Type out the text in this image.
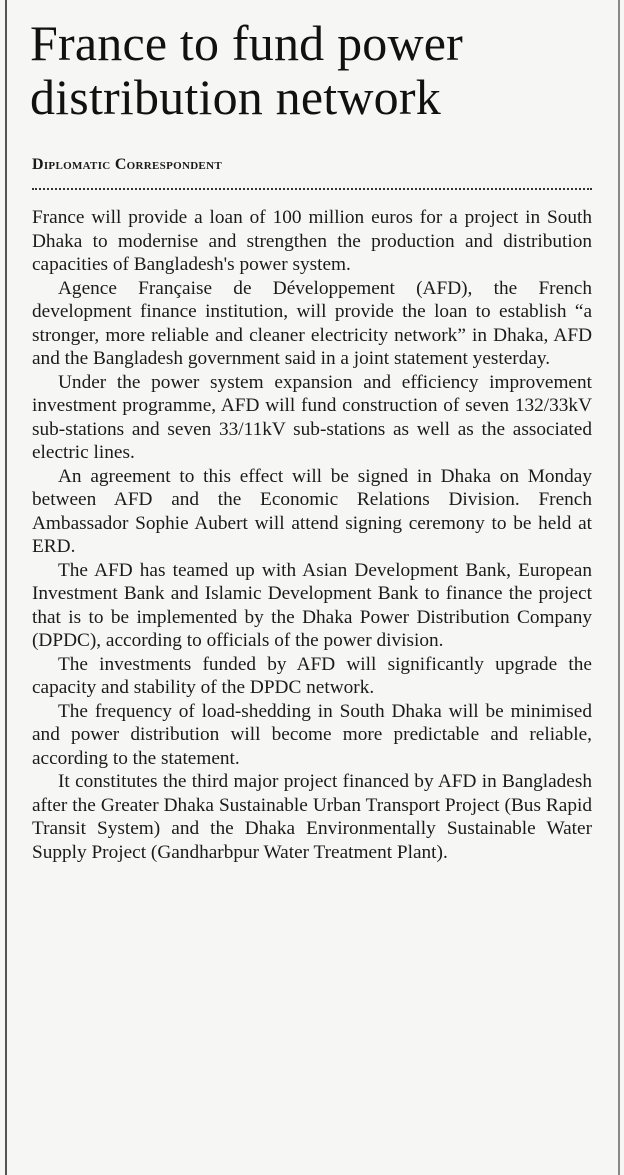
France to fund power distribution network
Diplomatic Correspondent

France will provide a loan of 100 million euros for a project in South Dhaka to modernise and strengthen the production and distribution capacities of Bangladesh's power system.

Agence Française de Développement (AFD), the French development finance institution, will provide the loan to establish “a stronger, more reliable and cleaner electricity network” in Dhaka, AFD and the Bangladesh government said in a joint statement yesterday.

Under the power system expansion and efficiency improvement investment programme, AFD will fund construction of seven 132/33kV sub-stations and seven 33/11kV sub-stations as well as the associated electric lines.

An agreement to this effect will be signed in Dhaka on Monday between AFD and the Economic Relations Division. French Ambassador Sophie Aubert will attend signing ceremony to be held at ERD.

The AFD has teamed up with Asian Development Bank, European Investment Bank and Islamic Development Bank to finance the project that is to be implemented by the Dhaka Power Distribution Company (DPDC), according to officials of the power division.

The investments funded by AFD will significantly upgrade the capacity and stability of the DPDC network.

The frequency of load-shedding in South Dhaka will be minimised and power distribution will become more predictable and reliable, according to the statement.

It constitutes the third major project financed by AFD in Bangladesh after the Greater Dhaka Sustainable Urban Transport Project (Bus Rapid Transit System) and the Dhaka Environmentally Sustainable Water Supply Project (Gandharbpur Water Treatment Plant).
